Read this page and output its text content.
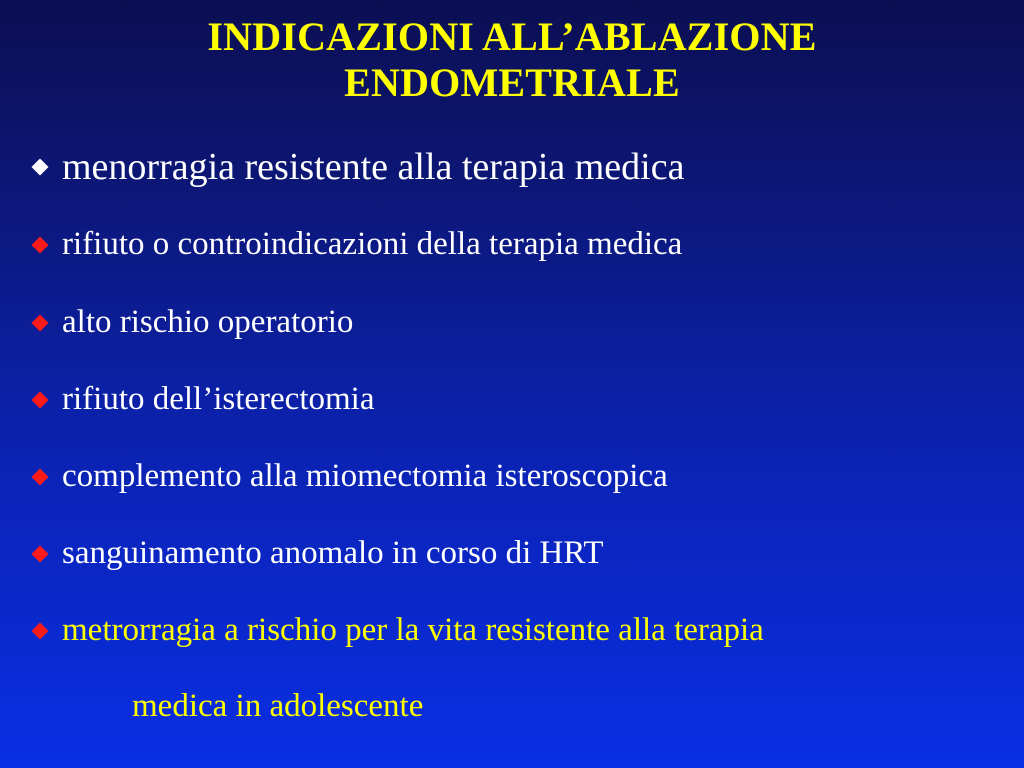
INDICAZIONI ALL’ABLAZIONE
ENDOMETRIALE
menorragia resistente alla terapia medica
rifiuto o controindicazioni della terapia medica
alto rischio operatorio
rifiuto dell’isterectomia
complemento alla miomectomia isteroscopica
sanguinamento anomalo in corso di HRT
metrorragia a rischio per la vita resistente alla terapia
medica in adolescente
